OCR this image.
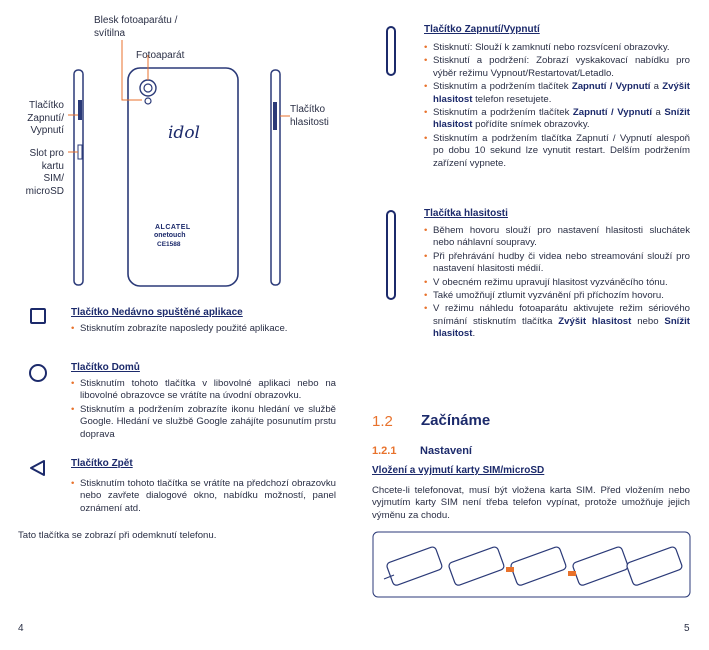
Blesk fotoaparátu /
svítilna
Fotoaparát
Tlačítko
Zapnutí/
Vypnutí
Slot pro
kartu
SIM/
microSD
Tlačítko
hlasitosti
idol
ALCATEL
onetouch
CE1588
Tlačítko Nedávno spuštěné aplikace
• Stisknutím zobrazíte naposledy použité aplikace.
Tlačítko Domů
• Stisknutím tohoto tlačítka v libovolné aplikaci nebo na libovolné obrazovce se vrátíte na úvodní obrazovku.
• Stisknutím a podržením zobrazíte ikonu hledání ve službě Google. Hledání ve službě Google zahájíte posunutím prstu doprava
Tlačítko Zpět
• Stisknutím tohoto tlačítka se vrátíte na předchozí obrazovku nebo zavřete dialogové okno, nabídku možností, panel oznámení atd.
Tato tlačítka se zobrazí při odemknutí telefonu.
4
Tlačítko Zapnutí/Vypnutí
• Stisknutí: Slouží k zamknutí nebo rozsvícení obrazovky.
• Stisknutí a podržení: Zobrazí vyskakovací nabídku pro výběr režimu Vypnout/Restartovat/Letadlo.
• Stisknutím a podržením tlačítek Zapnutí / Vypnutí a Zvýšit hlasitost telefon resetujete.
• Stisknutím a podržením tlačítek Zapnutí / Vypnutí a Snížit hlasitost pořídíte snímek obrazovky.
• Stisknutím a podržením tlačítka Zapnutí / Vypnutí alespoň po dobu 10 sekund lze vynutit restart. Delším podržením zařízení vypnete.
Tlačítka hlasitosti
• Během hovoru slouží pro nastavení hlasitosti sluchátek nebo náhlavní soupravy.
• Při přehrávání hudby či videa nebo streamování slouží pro nastavení hlasitosti médií.
• V obecném režimu upravují hlasitost vyzváněcího tónu.
• Také umožňují ztlumit vyzvánění při příchozím hovoru.
• V režimu náhledu fotoaparátu aktivujete režim sériového snímání stisknutím tlačítka Zvýšit hlasitost nebo Snížit hlasitost.
1.2 Začínáme
1.2.1 Nastavení
Vložení a vyjmutí karty SIM/microSD
Chcete-li telefonovat, musí být vložena karta SIM. Před vložením nebo vyjmutím karty SIM není třeba telefon vypínat, protože umožňuje jejich výměnu za chodu.
5
